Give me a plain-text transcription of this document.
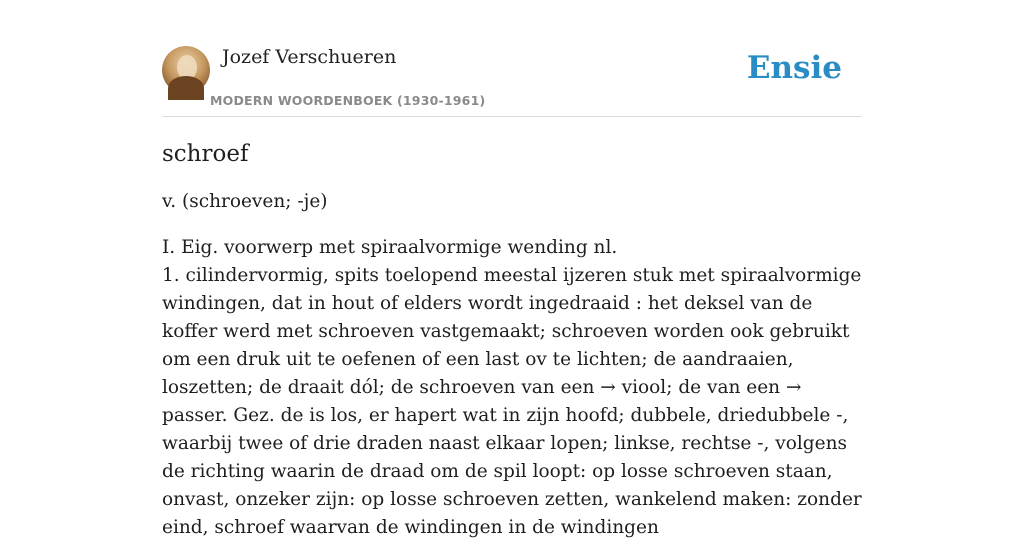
Jozef Verschueren
MODERN WOORDENBOEK (1930-1961)
Ensie
schroef

v. (schroeven; -je)

I. Eig. voorwerp met spiraalvormige wending nl.
1. cilindervormig, spits toelopend meestal ijzeren stuk met spiraalvormige windingen, dat in hout of elders wordt ingedraaid : het deksel van de koffer werd met schroeven vastgemaakt; schroeven worden ook gebruikt om een druk uit te oefenen of een last ov te lichten; de aandraaien, loszetten; de draait dól; de schroeven van een → viool; de van een → passer. Gez. de is los, er hapert wat in zijn hoofd; dubbele, driedubbele -, waarbij twee of drie draden naast elkaar lopen; linkse, rechtse -, volgens de richting waarin de draad om de spil loopt: op losse schroeven staan, onvast, onzeker zijn: op losse schroeven zetten, wankelend maken: zonder eind, schroef waarvan de windingen in de windingen
